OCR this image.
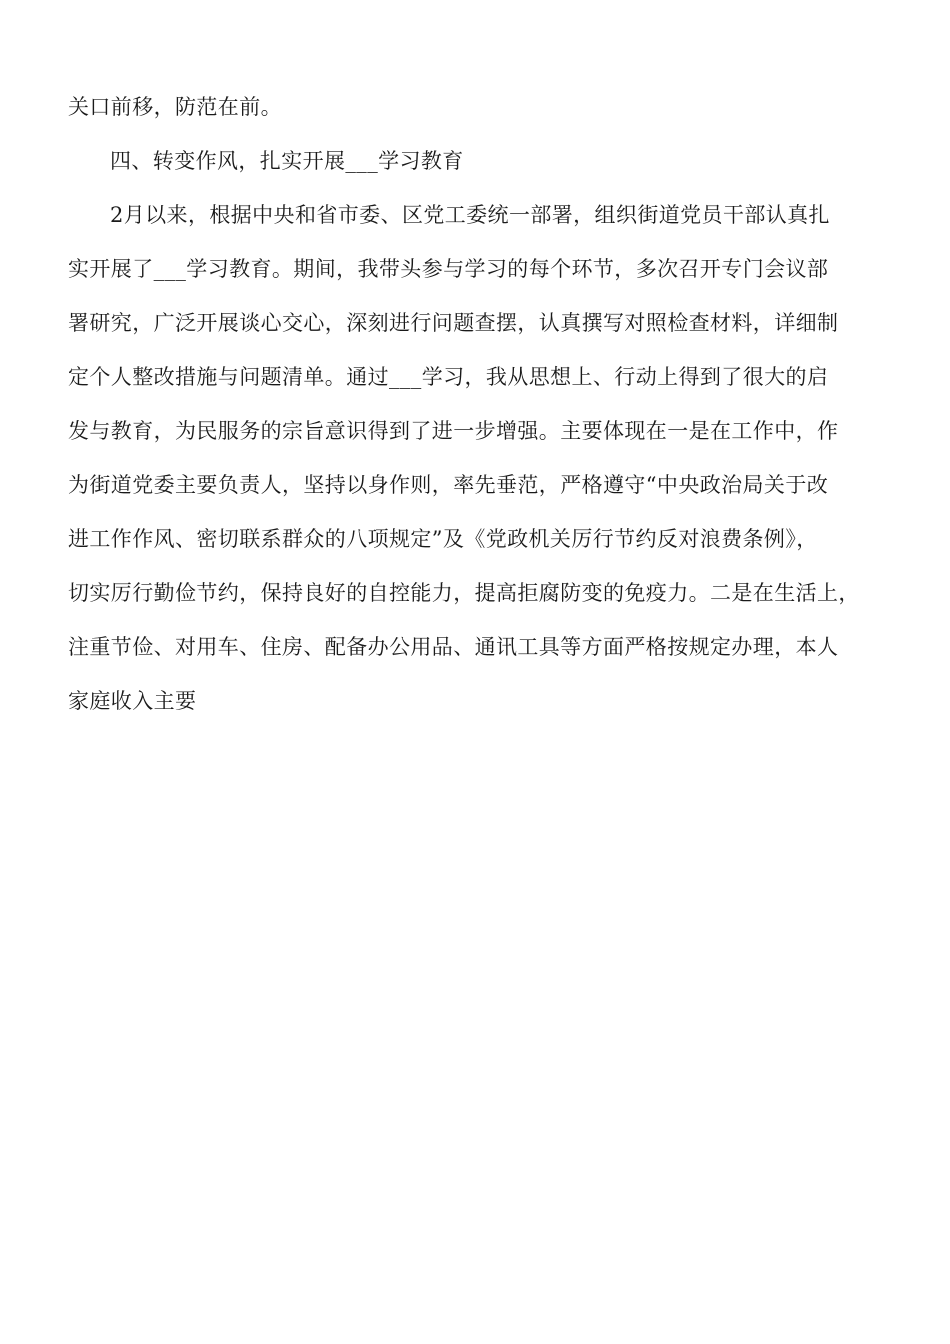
关口前移，防范在前。
四、转变作风，扎实开展___学习教育
2月以来，根据中央和省市委、区党工委统一部署，组织街道党员干部认真扎
实开展了___学习教育。期间，我带头参与学习的每个环节，多次召开专门会议部
署研究，广泛开展谈心交心，深刻进行问题查摆，认真撰写对照检查材料，详细制
定个人整改措施与问题清单。通过___学习，我从思想上、行动上得到了很大的启
发与教育，为民服务的宗旨意识得到了进一步增强。主要体现在一是在工作中，作
为街道党委主要负责人，坚持以身作则，率先垂范，严格遵守“中央政治局关于改
进工作作风、密切联系群众的八项规定”及《党政机关厉行节约反对浪费条例》，
切实厉行勤俭节约，保持良好的自控能力，提高拒腐防变的免疫力。二是在生活上，
注重节俭、对用车、住房、配备办公用品、通讯工具等方面严格按规定办理，本人
家庭收入主要
